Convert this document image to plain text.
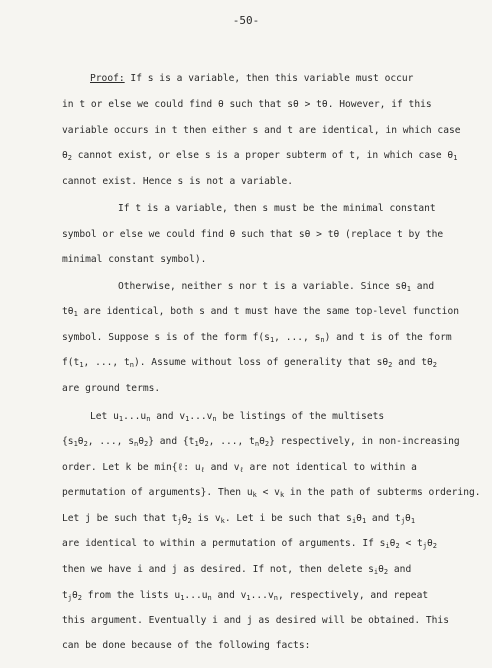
-50-
Proof: If s is a variable, then this variable must occur
in t or else we could find θ such that sθ > tθ. However, if this
variable occurs in t then either s and t are identical, in which case
$\theta_2$ cannot exist, or else s is a proper subterm of t, in which case $\theta_1$
cannot exist. Hence s is not a variable.
If t is a variable, then s must be the minimal constant
symbol or else we could find θ such that sθ > tθ (replace t by the
minimal constant symbol).
Otherwise, neither s nor t is a variable. Since $s\theta_1$ and
$t\theta_1$ are identical, both s and t must have the same top-level function
symbol. Suppose s is of the form $f(s_1$, ..., $s_n$) and t is of the form
$f(t_1$, ..., $t_n$). Assume without loss of generality that $s\theta_2$ and $t\theta_2$
are ground terms.
Let $u_1...u_n$ and $v_1...v_n$ be listings of the multisets
{$s_1\theta_2$, ..., $s_n\theta_2$} and {$t_1\theta_2$, ..., $t_n\theta_2$} respectively, in non-increasing
order. Let k be min{ℓ: $u_\ell$ and $v_\ell$ are not identical to within a
permutation of arguments}. Then $u_k < v_k$ in the path of subterms ordering.
Let j be such that $t_j\theta_2$ is $v_k$. Let i be such that $s_i\theta_1$ and $t_j\theta_1$
are identical to within a permutation of arguments. If $s_i\theta_2 < t_j\theta_2$
then we have i and j as desired. If not, then delete $s_i\theta_2$ and
$t_j\theta_2$ from the lists $u_1...u_n$ and $v_1...v_n$, respectively, and repeat
this argument. Eventually i and j as desired will be obtained. This
can be done because of the following facts:
